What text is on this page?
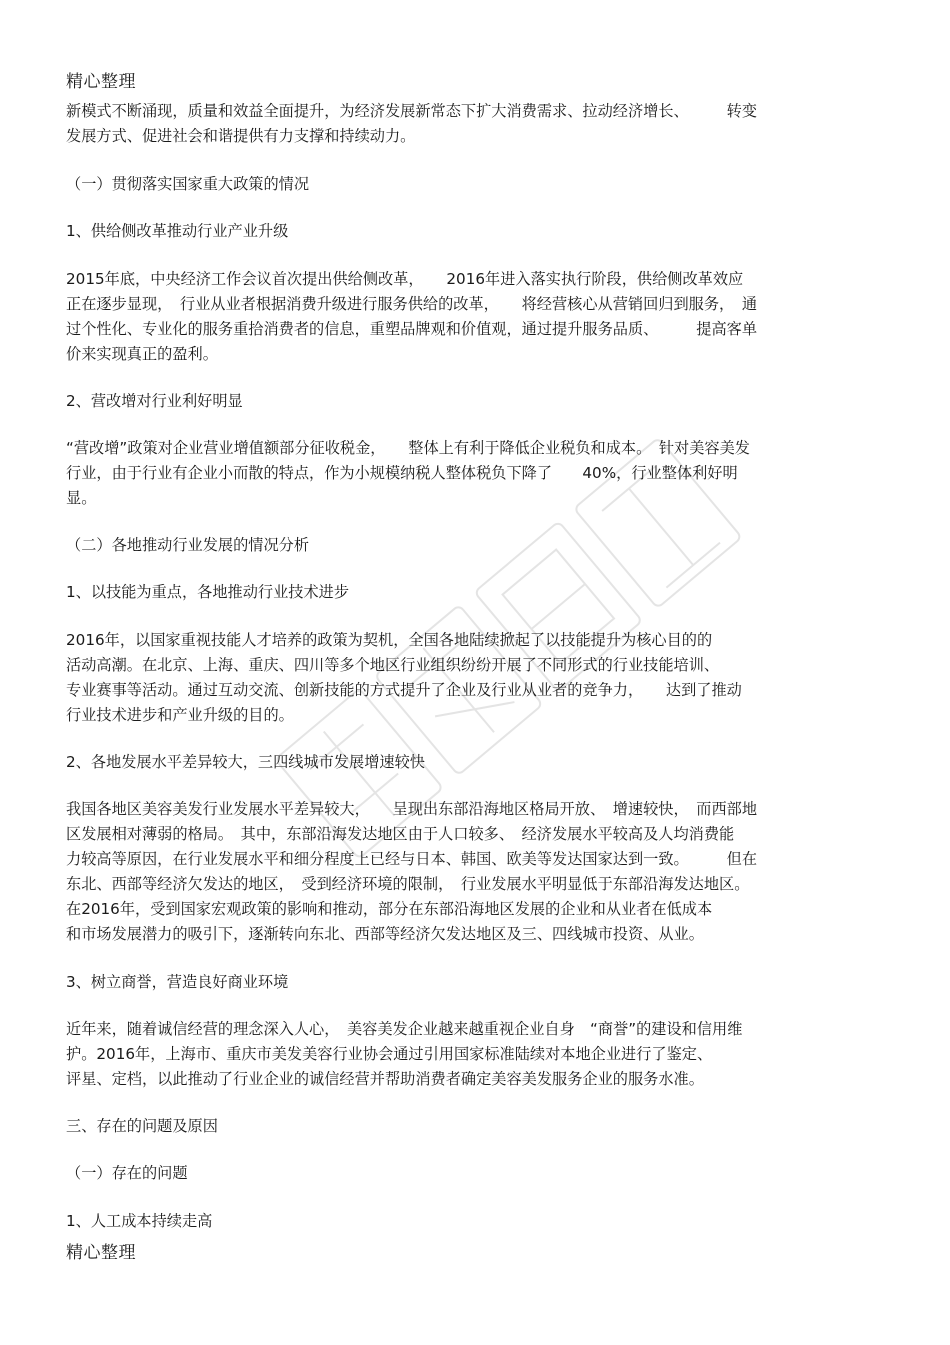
精心整理
新模式不断涌现，质量和效益全面提升，为经济发展新常态下扩大消费需求、拉动经济增长、　　　转变
发展方式、促进社会和谐提供有力支撑和持续动力。
（一）贯彻落实国家重大政策的情况
1、供给侧改革推动行业产业升级
2015年底，中央经济工作会议首次提出供给侧改革，　　2016年进入落实执行阶段，供给侧改革效应
正在逐步显现，　行业从业者根据消费升级进行服务供给的改革，　　将经营核心从营销回归到服务，　通
过个性化、专业化的服务重拾消费者的信息，重塑品牌观和价值观，通过提升服务品质、　　　提高客单
价来实现真正的盈利。
2、营改增对行业利好明显
“营改增”政策对企业营业增值额部分征收税金，　　整体上有利于降低企业税负和成本。　针对美容美发
行业，由于行业有企业小而散的特点，作为小规模纳税人整体税负下降了　　40%，行业整体利好明
显。
（二）各地推动行业发展的情况分析
1、以技能为重点，各地推动行业技术进步
2016年，以国家重视技能人才培养的政策为契机，全国各地陆续掀起了以技能提升为核心目的的
活动高潮。在北京、上海、重庆、四川等多个地区行业组织纷纷开展了不同形式的行业技能培训、
专业赛事等活动。通过互动交流、创新技能的方式提升了企业及行业从业者的竞争力，　　达到了推动
行业技术进步和产业升级的目的。
2、各地发展水平差异较大，三四线城市发展增速较快
我国各地区美容美发行业发展水平差异较大，　　呈现出东部沿海地区格局开放、　增速较快，　而西部地
区发展相对薄弱的格局。　其中，东部沿海发达地区由于人口较多、　经济发展水平较高及人均消费能
力较高等原因，在行业发展水平和细分程度上已经与日本、韩国、欧美等发达国家达到一致。　　　但在
东北、西部等经济欠发达的地区，　受到经济环境的限制，　行业发展水平明显低于东部沿海发达地区。
在2016年，受到国家宏观政策的影响和推动，部分在东部沿海地区发展的企业和从业者在低成本
和市场发展潜力的吸引下，逐渐转向东北、西部等经济欠发达地区及三、四线城市投资、从业。
3、树立商誉，营造良好商业环境
近年来，随着诚信经营的理念深入人心，　美容美发企业越来越重视企业自身　“商誉”的建设和信用维
护。2016年，上海市、重庆市美发美容行业协会通过引用国家标准陆续对本地企业进行了鉴定、
评星、定档，以此推动了行业企业的诚信经营并帮助消费者确定美容美发服务企业的服务水准。
三、存在的问题及原因
（一）存在的问题
1、人工成本持续走高
精心整理
